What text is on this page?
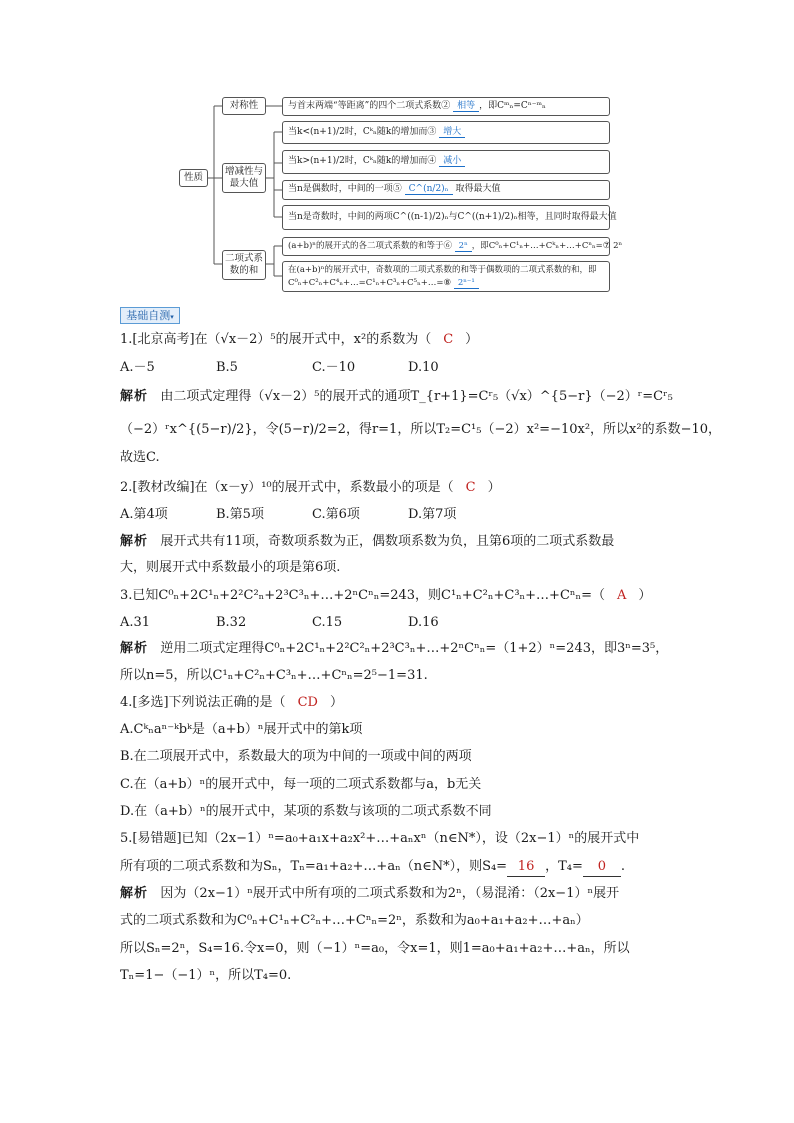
性质
对称性
增减性与最大值
二项式系数的和
与首末两端“等距离”的四个二项式系数② 相等 ，即Cᵐₙ=Cⁿ⁻ᵐₙ
当k<(n+1)/2时，Cᵏₙ随k的增加而③ 增大
当k>(n+1)/2时，Cᵏₙ随k的增加而④ 减小
当n是偶数时，中间的一项⑤ C^(n/2)ₙ 取得最大值
当n是奇数时，中间的两项C^((n-1)/2)ₙ与C^((n+1)/2)ₙ相等，且同时取得最大值
(a+b)ⁿ的展开式的各二项式系数的和等于⑥ 2ⁿ ，即C⁰ₙ+C¹ₙ+…+Cᵏₙ+…+Cⁿₙ=⑦ 2ⁿ
在(a+b)ⁿ的展开式中，奇数项的二项式系数的和等于偶数项的二项式系数的和，即
C⁰ₙ+C²ₙ+C⁴ₙ+…=C¹ₙ+C³ₙ+C⁵ₙ+…=⑧ 2ⁿ⁻¹
基础自测▾
1.[北京高考]在（√x－2）⁵的展开式中，x²的系数为（ C ）
A.－5	B.5	C.－10	D.10
解析 由二项式定理得（√x－2）⁵的展开式的通项T_{r+1}=Cʳ₅（√x）^{5−r}（−2）ʳ=Cʳ₅
（−2）ʳx^{(5−r)/2}，令(5−r)/2=2，得r=1，所以T₂=C¹₅（−2）x²=−10x²，所以x²的系数−10，
故选C.
2.[教材改编]在（x－y）¹⁰的展开式中，系数最小的项是（ C ）
A.第4项	B.第5项	C.第6项	D.第7项
解析 展开式共有11项，奇数项系数为正，偶数项系数为负，且第6项的二项式系数最
大，则展开式中系数最小的项是第6项.
3.已知C⁰ₙ+2C¹ₙ+2²C²ₙ+2³C³ₙ+…+2ⁿCⁿₙ=243，则C¹ₙ+C²ₙ+C³ₙ+…+Cⁿₙ=（ A ）
A.31	B.32	C.15	D.16
解析 逆用二项式定理得C⁰ₙ+2C¹ₙ+2²C²ₙ+2³C³ₙ+…+2ⁿCⁿₙ=（1+2）ⁿ=243，即3ⁿ=3⁵，
所以n=5，所以C¹ₙ+C²ₙ+C³ₙ+…+Cⁿₙ=2⁵−1=31.
4.[多选]下列说法正确的是（ CD ）
A.Cᵏₙaⁿ⁻ᵏbᵏ是（a+b）ⁿ展开式中的第k项
B.在二项展开式中，系数最大的项为中间的一项或中间的两项
C.在（a+b）ⁿ的展开式中，每一项的二项式系数都与a，b无关
D.在（a+b）ⁿ的展开式中，某项的系数与该项的二项式系数不同
5.[易错题]已知（2x−1）ⁿ=a₀+a₁x+a₂x²+…+aₙxⁿ（n∈N*），设（2x−1）ⁿ的展开式中
所有项的二项式系数和为Sₙ，Tₙ=a₁+a₂+…+aₙ（n∈N*），则S₄= 16 ，T₄= 0 .
解析 因为（2x−1）ⁿ展开式中所有项的二项式系数和为2ⁿ，（易混淆：（2x−1）ⁿ展开
式的二项式系数和为C⁰ₙ+C¹ₙ+C²ₙ+…+Cⁿₙ=2ⁿ，系数和为a₀+a₁+a₂+…+aₙ）
所以Sₙ=2ⁿ，S₄=16.令x=0，则（−1）ⁿ=a₀，令x=1，则1=a₀+a₁+a₂+…+aₙ，所以
Tₙ=1−（−1）ⁿ，所以T₄=0.
